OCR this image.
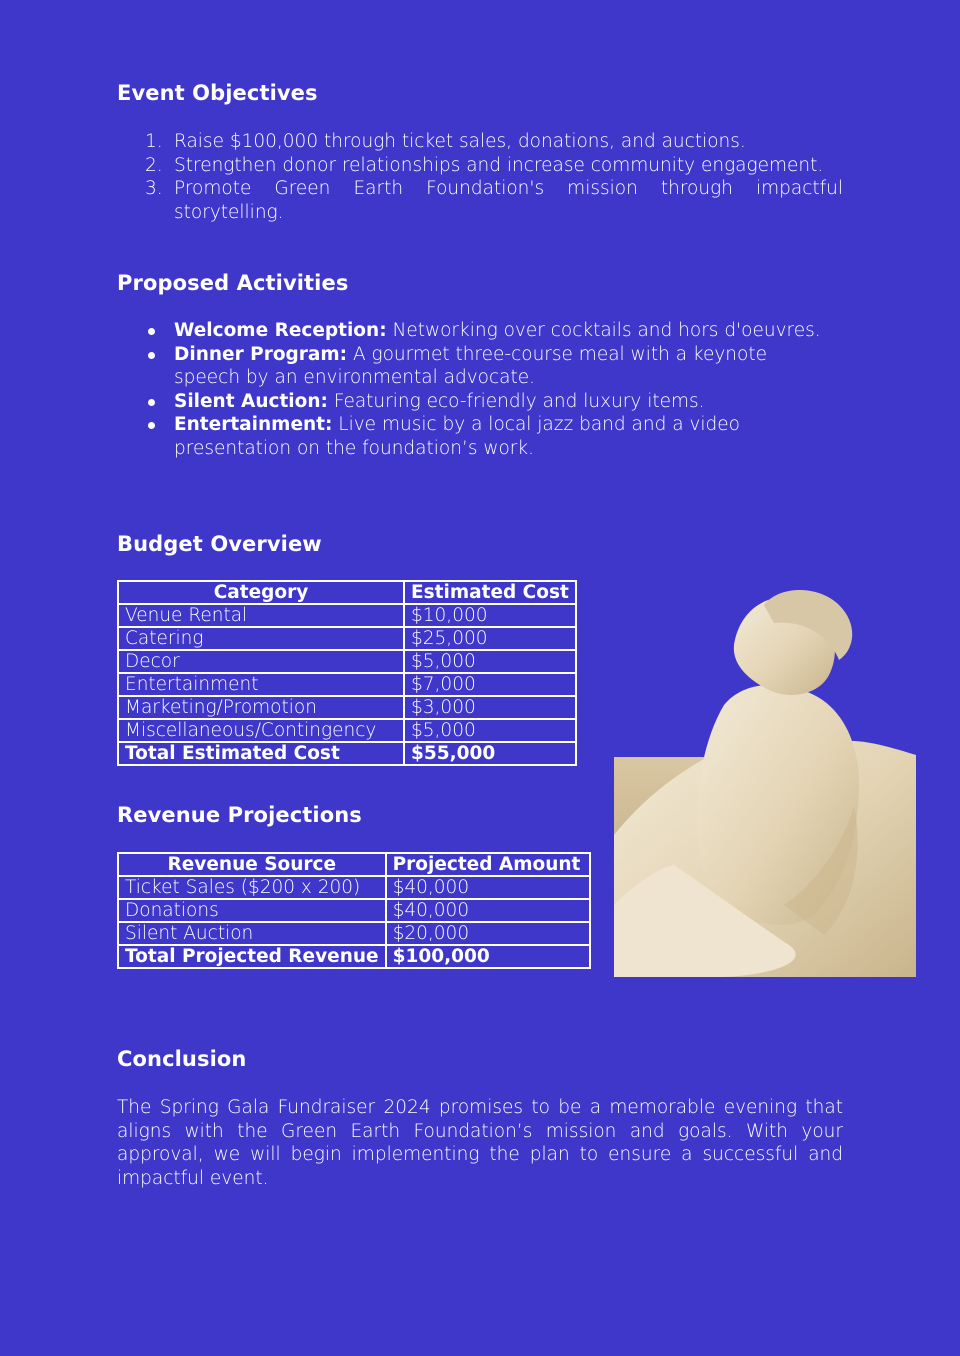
Event Objectives
1. Raise $100,000 through ticket sales, donations, and auctions.
2. Strengthen donor relationships and increase community engagement.
3. Promote Green Earth Foundation's mission through impactful storytelling.
Proposed Activities
Welcome Reception: Networking over cocktails and hors d'oeuvres.
Dinner Program: A gourmet three-course meal with a keynote speech by an environmental advocate.
Silent Auction: Featuring eco-friendly and luxury items.
Entertainment: Live music by a local jazz band and a video presentation on the foundation’s work.
Budget Overview
Category	Estimated Cost
Venue Rental	$10,000
Catering	$25,000
Decor	$5,000
Entertainment	$7,000
Marketing/Promotion	$3,000
Miscellaneous/Contingency	$5,000
Total Estimated Cost	$55,000
Revenue Projections
Revenue Source	Projected Amount
Ticket Sales ($200 x 200)	$40,000
Donations	$40,000
Silent Auction	$20,000
Total Projected Revenue	$100,000
Conclusion

The Spring Gala Fundraiser 2024 promises to be a memorable evening that aligns with the Green Earth Foundation’s mission and goals. With your approval, we will begin implementing the plan to ensure a successful and impactful event.
